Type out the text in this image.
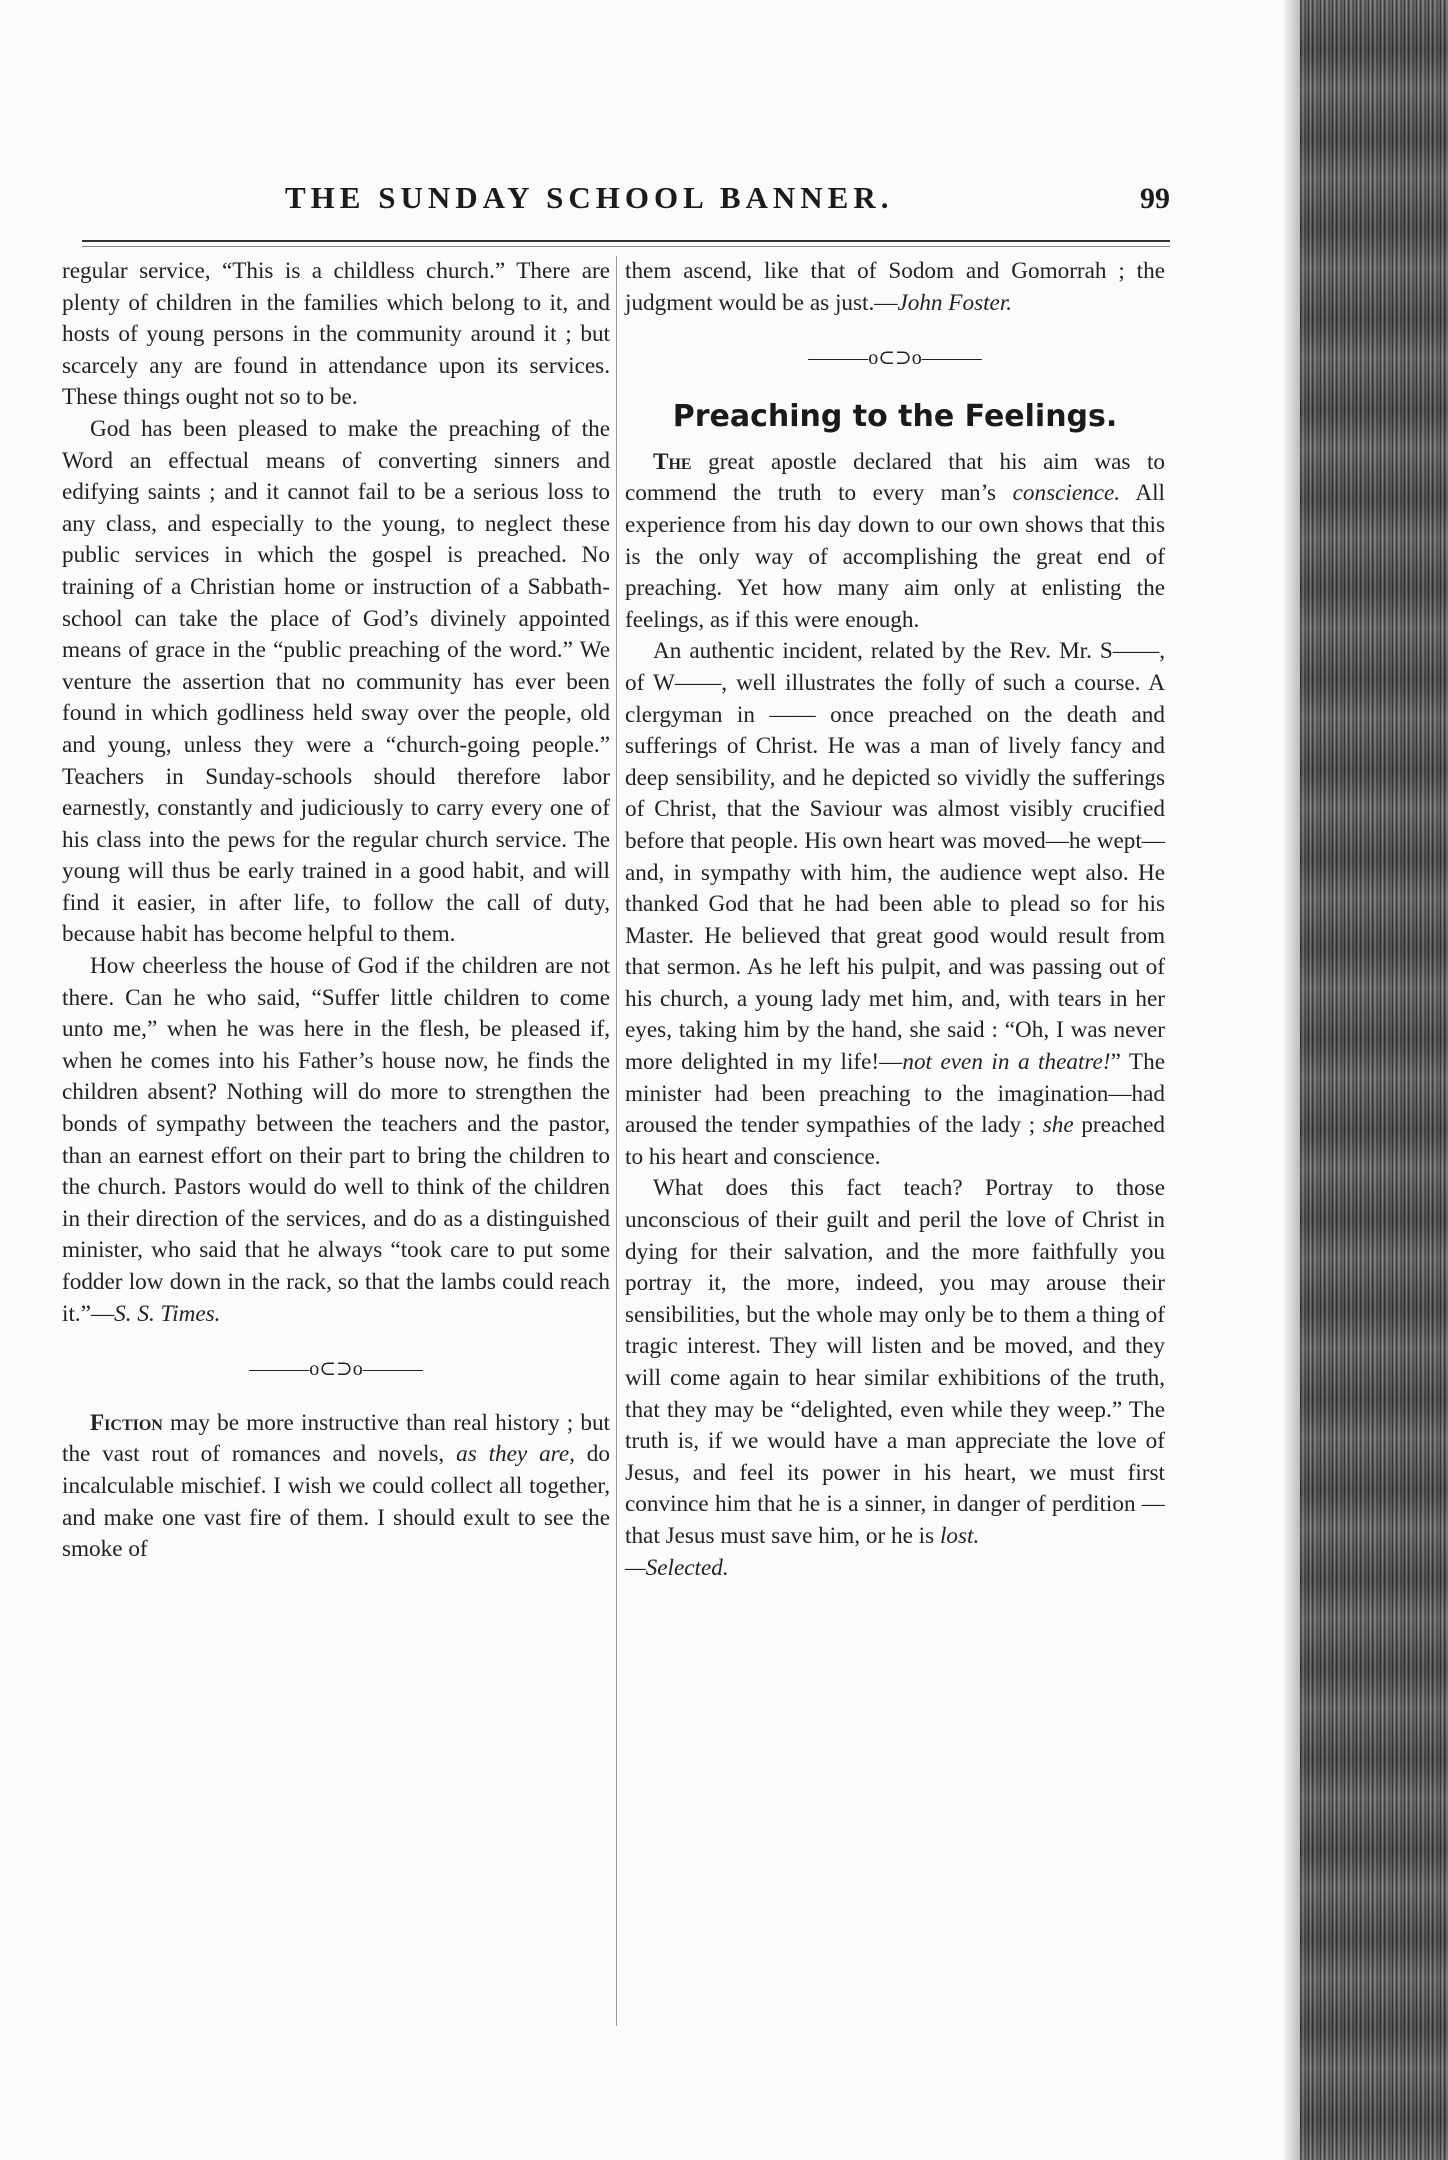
THE SUNDAY SCHOOL BANNER.	99

regular service, “This is a childless church.” There are plenty of children in the families which belong to it, and hosts of young persons in the community around it ; but scarcely any are found in attendance upon its services. These things ought not so to be.

God has been pleased to make the preaching of the Word an effectual means of converting sinners and edifying saints ; and it cannot fail to be a serious loss to any class, and especially to the young, to neglect these public services in which the gospel is preached. No training of a Christian home or instruction of a Sabbath-school can take the place of God’s divinely appointed means of grace in the “public preaching of the word.” We venture the assertion that no community has ever been found in which godliness held sway over the people, old and young, unless they were a “church-going people.” Teachers in Sunday-schools should therefore labor earnestly, constantly and judiciously to carry every one of his class into the pews for the regular church service. The young will thus be early trained in a good habit, and will find it easier, in after life, to follow the call of duty, because habit has become helpful to them.

How cheerless the house of God if the children are not there. Can he who said, “Suffer little children to come unto me,” when he was here in the flesh, be pleased if, when he comes into his Father’s house now, he finds the children absent? Nothing will do more to strengthen the bonds of sympathy between the teachers and the pastor, than an earnest effort on their part to bring the children to the church. Pastors would do well to think of the children in their direction of the services, and do as a distinguished minister, who said that he always “took care to put some fodder low down in the rack, so that the lambs could reach it.”—S. S. Times.

———o⊂⊃o———

Fiction may be more instructive than real history ; but the vast rout of romances and novels, as they are, do incalculable mischief. I wish we could collect all together, and make one vast fire of them. I should exult to see the smoke of

them ascend, like that of Sodom and Gomorrah ; the judgment would be as just.—John Foster.

———o⊂⊃o———
Preaching to the Feelings.

The great apostle declared that his aim was to commend the truth to every man’s conscience. All experience from his day down to our own shows that this is the only way of accomplishing the great end of preaching. Yet how many aim only at enlisting the feelings, as if this were enough.

An authentic incident, related by the Rev. Mr. S——, of W——, well illustrates the folly of such a course. A clergyman in —— once preached on the death and sufferings of Christ. He was a man of lively fancy and deep sensibility, and he depicted so vividly the sufferings of Christ, that the Saviour was almost visibly crucified before that people. His own heart was moved—he wept—and, in sympathy with him, the audience wept also. He thanked God that he had been able to plead so for his Master. He believed that great good would result from that sermon. As he left his pulpit, and was passing out of his church, a young lady met him, and, with tears in her eyes, taking him by the hand, she said : “Oh, I was never more delighted in my life!—not even in a theatre!” The minister had been preaching to the imagination—had aroused the tender sympathies of the lady ; she preached to his heart and conscience.

What does this fact teach? Portray to those unconscious of their guilt and peril the love of Christ in dying for their salvation, and the more faithfully you portray it, the more, indeed, you may arouse their sensibilities, but the whole may only be to them a thing of tragic interest. They will listen and be moved, and they will come again to hear similar exhibitions of the truth, that they may be “delighted, even while they weep.” The truth is, if we would have a man appreciate the love of Jesus, and feel its power in his heart, we must first convince him that he is a sinner, in danger of perdition —that Jesus must save him, or he is lost.

—Selected.
